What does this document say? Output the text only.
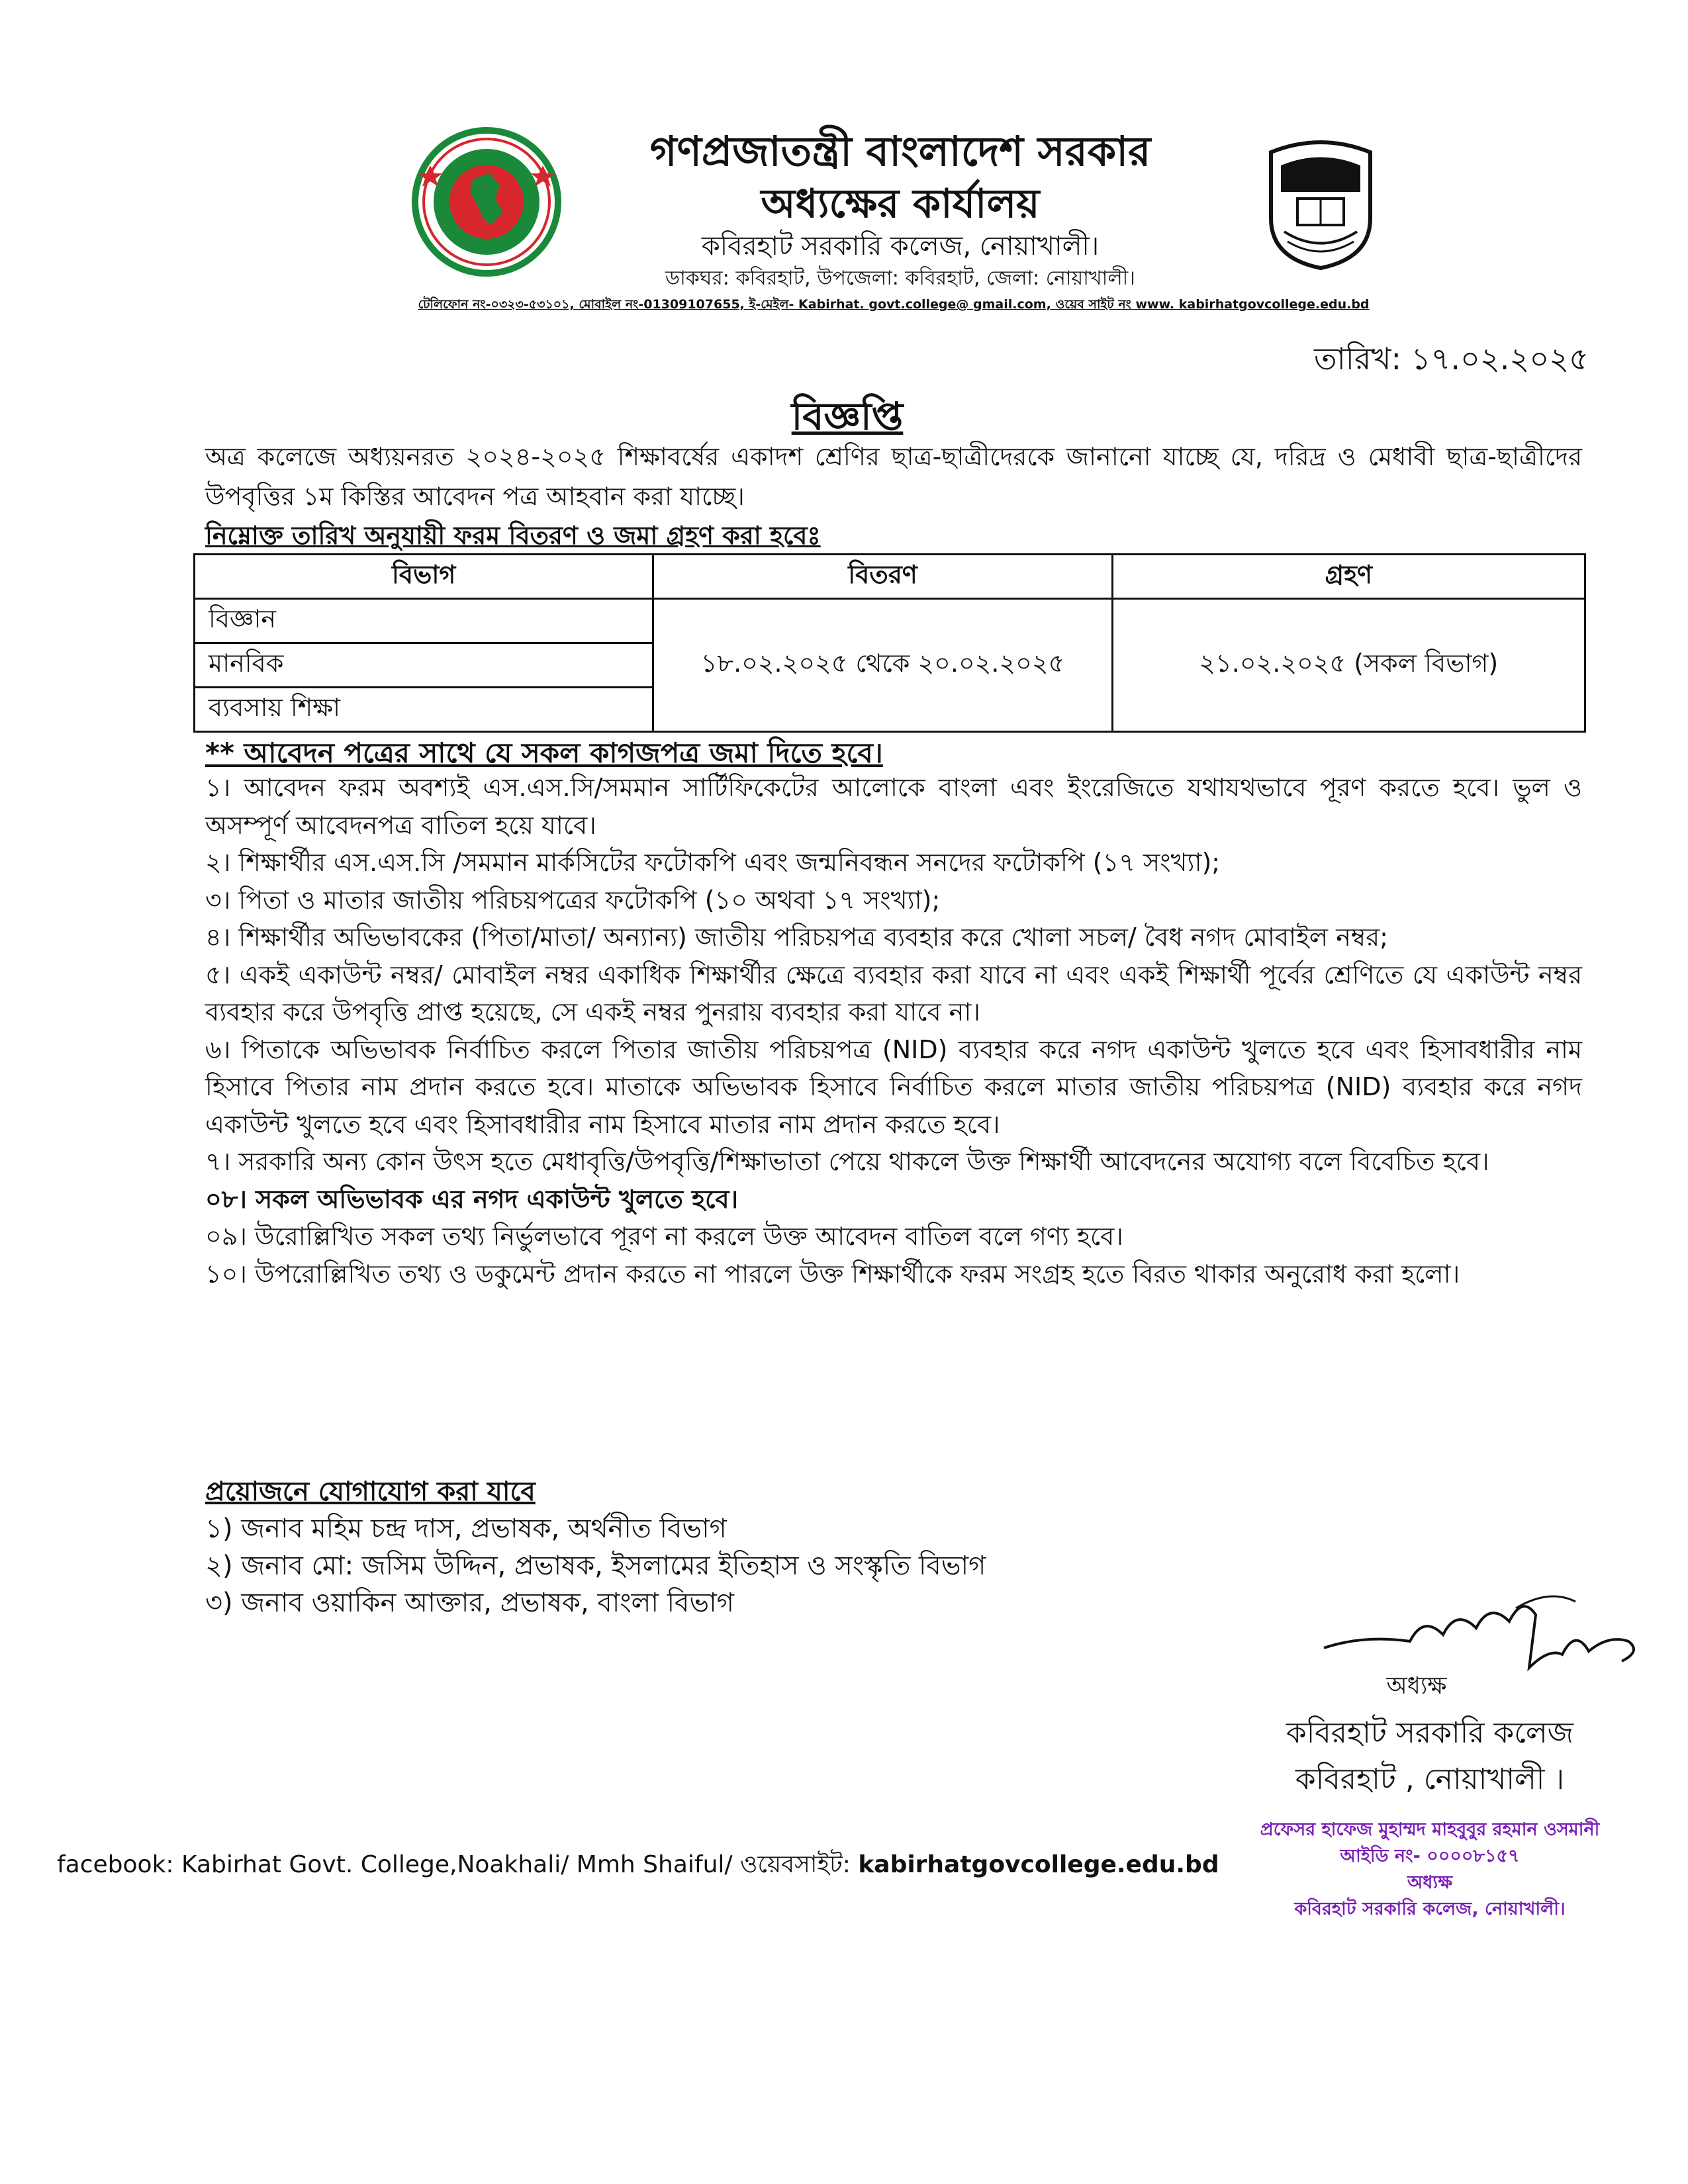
গণপ্রজাতন্ত্রী বাংলাদেশ সরকার
অধ্যক্ষের কার্যালয়
কবিরহাট সরকারি কলেজ, নোয়াখালী।
ডাকঘর: কবিরহাট, উপজেলা: কবিরহাট, জেলা: নোয়াখালী।
টেলিফোন নং-০৩২৩-৫৩১০১, মোবাইল নং-01309107655, ই-মেইল- Kabirhat. govt.college@ gmail.com, ওয়েব সাইট নং www. kabirhatgovcollege.edu.bd
তারিখ: ১৭.০২.২০২৫
বিজ্ঞপ্তি
অত্র কলেজে অধ্যয়নরত ২০২৪-২০২৫ শিক্ষাবর্ষের একাদশ শ্রেণির ছাত্র-ছাত্রীদেরকে জানানো যাচ্ছে যে, দরিদ্র ও মেধাবী ছাত্র-ছাত্রীদের উপবৃত্তির ১ম কিস্তির আবেদন পত্র আহবান করা যাচ্ছে।
নিম্নোক্ত তারিখ অনুযায়ী ফরম বিতরণ ও জমা গ্রহণ করা হবেঃ
বিভাগ	বিতরণ	গ্রহণ
বিজ্ঞান	১৮.০২.২০২৫ থেকে ২০.০২.২০২৫	২১.০২.২০২৫ (সকল বিভাগ)
মানবিক		
ব্যবসায় শিক্ষা		
** আবেদন পত্রের সাথে যে সকল কাগজপত্র জমা দিতে হবে।
১। আবেদন ফরম অবশ্যই এস.এস.সি/সমমান সার্টিফিকেটের আলোকে বাংলা এবং ইংরেজিতে যথাযথভাবে পূরণ করতে হবে। ভুল ও অসম্পূর্ণ আবেদনপত্র বাতিল হয়ে যাবে।
২। শিক্ষার্থীর এস.এস.সি /সমমান মার্কসিটের ফটোকপি এবং জন্মনিবন্ধন সনদের ফটোকপি (১৭ সংখ্যা);
৩। পিতা ও মাতার জাতীয় পরিচয়পত্রের ফটোকপি (১০ অথবা ১৭ সংখ্যা);
৪। শিক্ষার্থীর অভিভাবকের (পিতা/মাতা/ অন্যান্য) জাতীয় পরিচয়পত্র ব্যবহার করে খোলা সচল/ বৈধ নগদ মোবাইল নম্বর;
৫। একই একাউন্ট নম্বর/ মোবাইল নম্বর একাধিক শিক্ষার্থীর ক্ষেত্রে ব্যবহার করা যাবে না এবং একই শিক্ষার্থী পূর্বের শ্রেণিতে যে একাউন্ট নম্বর ব্যবহার করে উপবৃত্তি প্রাপ্ত হয়েছে, সে একই নম্বর পুনরায় ব্যবহার করা যাবে না।
৬। পিতাকে অভিভাবক নির্বাচিত করলে পিতার জাতীয় পরিচয়পত্র (NID) ব্যবহার করে নগদ একাউন্ট খুলতে হবে এবং হিসাবধারীর নাম হিসাবে পিতার নাম প্রদান করতে হবে। মাতাকে অভিভাবক হিসাবে নির্বাচিত করলে মাতার জাতীয় পরিচয়পত্র (NID) ব্যবহার করে নগদ একাউন্ট খুলতে হবে এবং হিসাবধারীর নাম হিসাবে মাতার নাম প্রদান করতে হবে।
৭। সরকারি অন্য কোন উৎস হতে মেধাবৃত্তি/উপবৃত্তি/শিক্ষাভাতা পেয়ে থাকলে উক্ত শিক্ষার্থী আবেদনের অযোগ্য বলে বিবেচিত হবে।
০৮। সকল অভিভাবক এর নগদ একাউন্ট খুলতে হবে।
০৯। উরোল্লিখিত সকল তথ্য নির্ভুলভাবে পূরণ না করলে উক্ত আবেদন বাতিল বলে গণ্য হবে।
১০। উপরোল্লিখিত তথ্য ও ডকুমেন্ট প্রদান করতে না পারলে উক্ত শিক্ষার্থীকে ফরম সংগ্রহ হতে বিরত থাকার অনুরোধ করা হলো।
প্রয়োজনে যোগাযোগ করা যাবে
১) জনাব মহিম চন্দ্র দাস, প্রভাষক, অর্থনীত বিভাগ
২) জনাব মো: জসিম উদ্দিন, প্রভাষক, ইসলামের ইতিহাস ও সংস্কৃতি বিভাগ
৩) জনাব ওয়াকিন আক্তার, প্রভাষক, বাংলা বিভাগ
অধ্যক্ষ
কবিরহাট সরকারি কলেজ
কবিরহাট , নোয়াখালী ।
প্রফেসর হাফেজ মুহাম্মদ মাহবুবুর রহমান ওসমানী
আইডি নং- ০০০০৮১৫৭
অধ্যক্ষ
কবিরহাট সরকারি কলেজ, নোয়াখালী।
facebook: Kabirhat Govt. College,Noakhali/ Mmh Shaiful/ ওয়েবসাইট: kabirhatgovcollege.edu.bd
